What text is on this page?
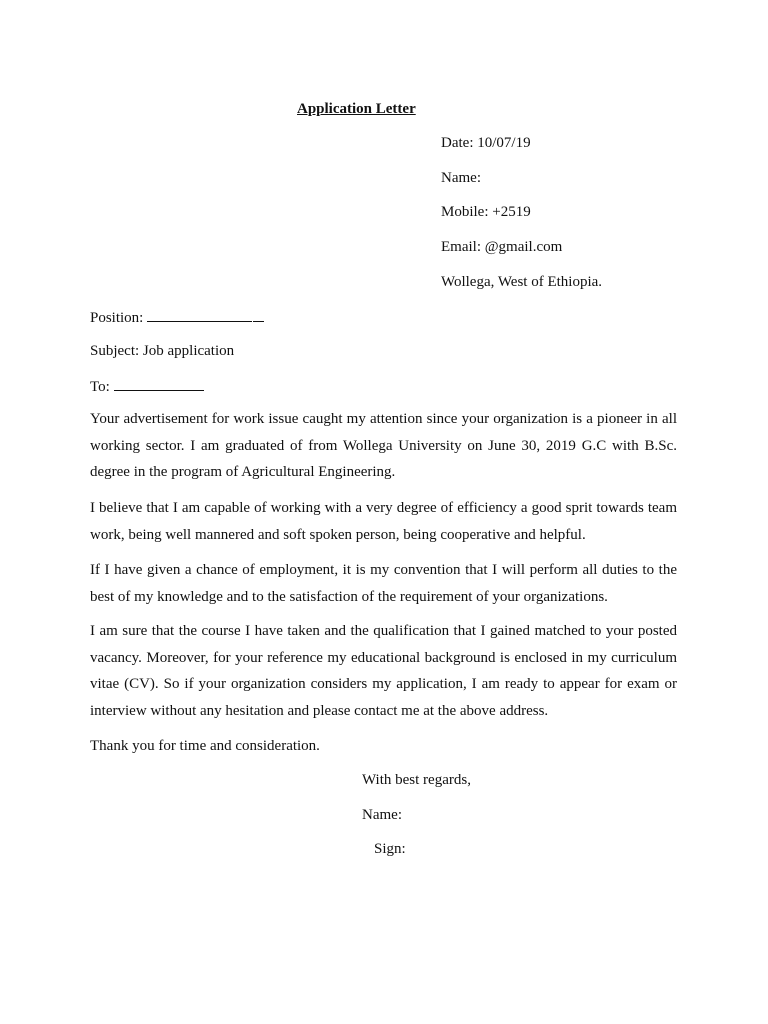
Application Letter
Date: 10/07/19
Name:
Mobile: +2519
Email: @gmail.com
Wollega, West of Ethiopia.
Position:
Subject: Job application
To:
Your advertisement for work issue caught my attention since your organization is a pioneer in all
working sector. I am graduated of from Wollega University on June 30, 2019 G.C with B.Sc.
degree in the program of Agricultural Engineering.
I believe that I am capable of working with a very degree of efficiency a good sprit towards team
work, being well mannered and soft spoken person, being cooperative and helpful.
If I have given a chance of employment, it is my convention that I will perform all duties to the
best of my knowledge and to the satisfaction of the requirement of your organizations.
I am sure that the course I have taken and the qualification that I gained matched to your posted
vacancy. Moreover, for your reference my educational background is enclosed in my curriculum
vitae (CV). So if your organization considers my application, I am ready to appear for exam or
interview without any hesitation and please contact me at the above address.
Thank you for time and consideration.
With best regards,
Name:
Sign:
